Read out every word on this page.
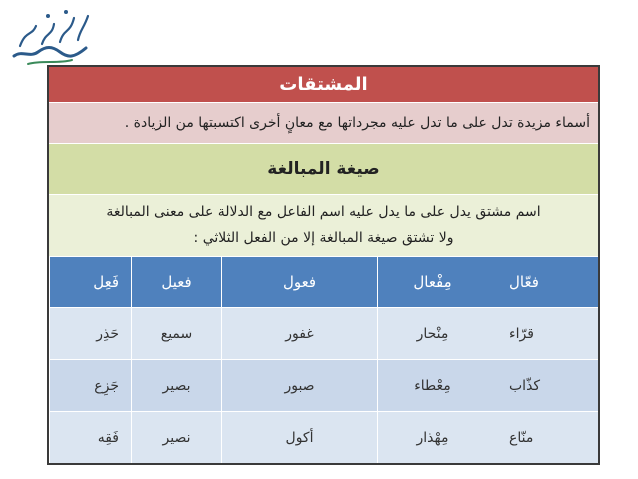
المشتقات
أسماء مزيدة تدل على ما تدل عليه مجرداتها مع معانٍ أخرى اكتسبتها من الزيادة .
صيغة المبالغة
اسم مشتق يدل على ما يدل عليه اسم الفاعل مع الدلالة على معنى المبالغة
ولا تشتق صيغة المبالغة إلا من الفعل الثلاثي :
فعّال
مِفْعال
فعول
فعيل
فَعِل
قرّاء
مِنْحار
غفور
سميع
حَذِر
كذّاب
مِعْطاء
صبور
بصير
جَزِع
منّاع
مِهْذار
أكول
نصير
فَقِه
